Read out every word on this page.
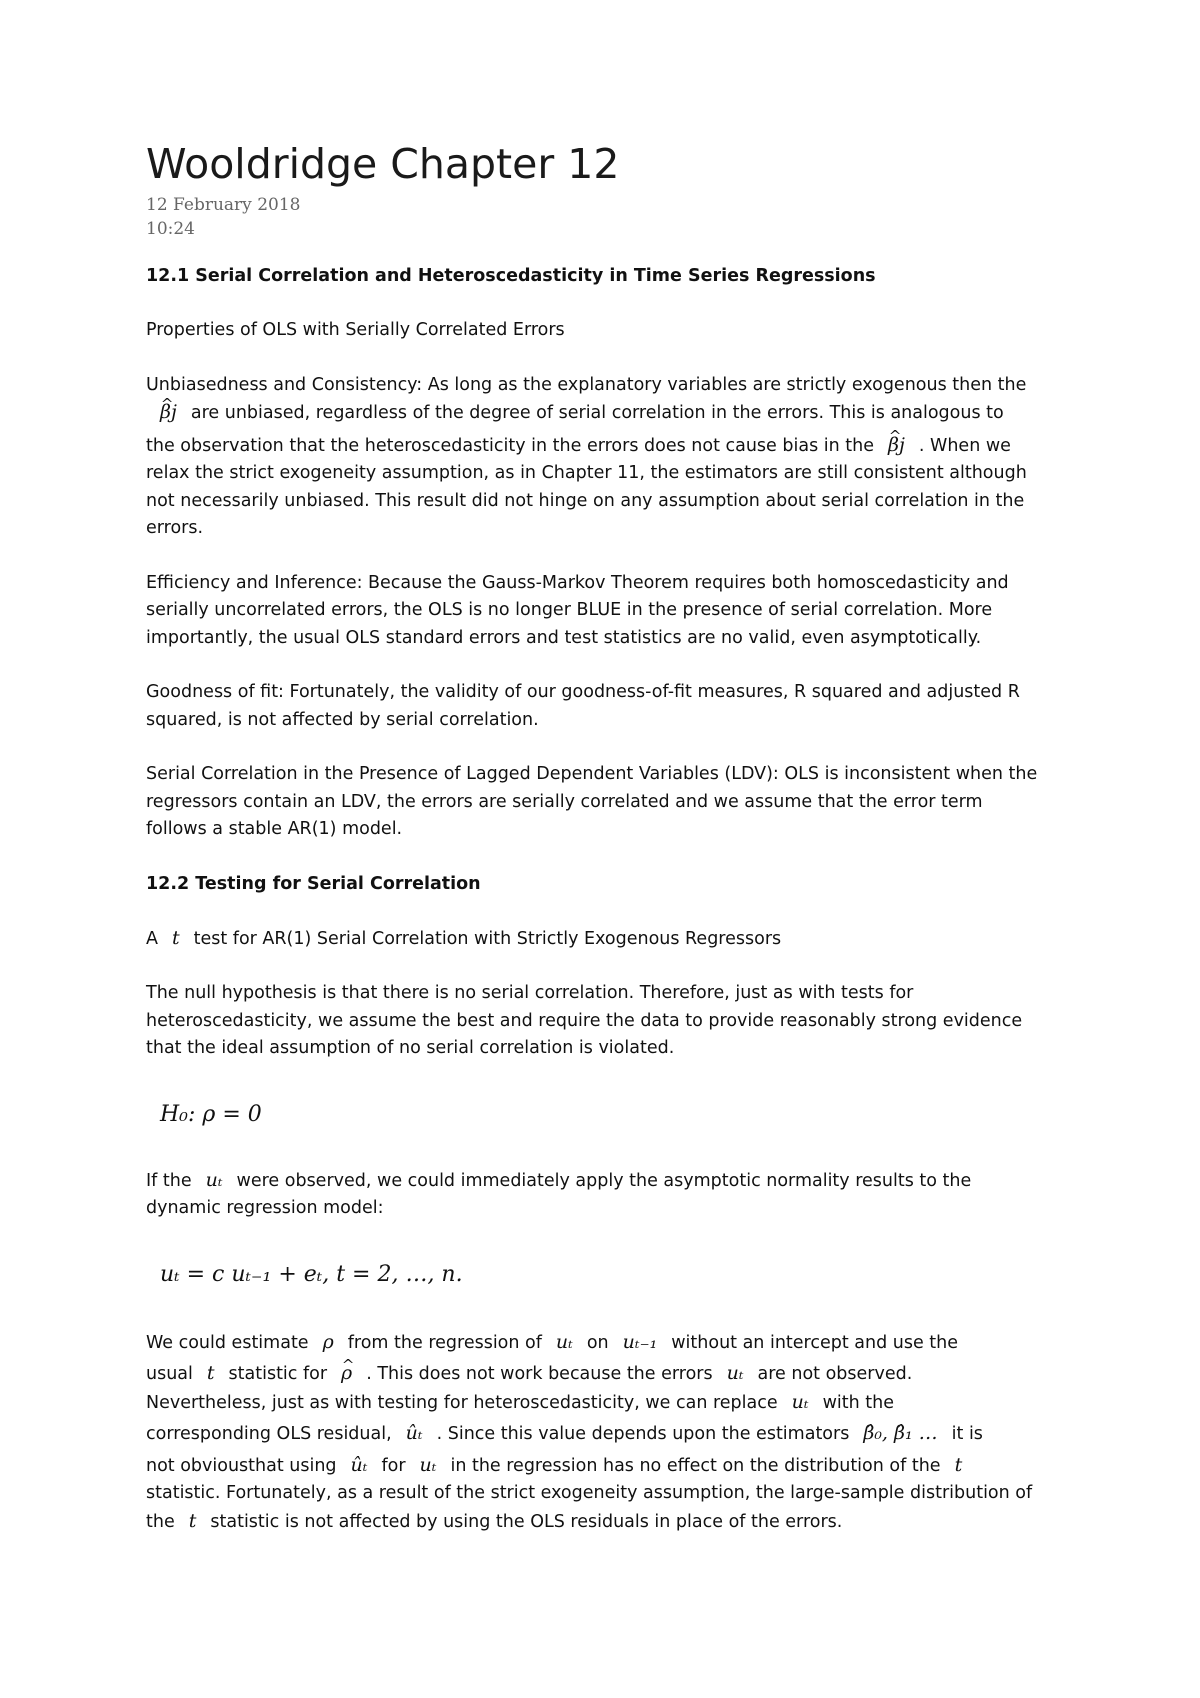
Wooldridge Chapter 12
12 February 2018
10:24

12.1 Serial Correlation and Heteroscedasticity in Time Series Regressions

Properties of OLS with Serially Correlated Errors

Unbiasedness and Consistency: As long as the explanatory variables are strictly exogenous then the

^ βj are unbiased, regardless of the degree of serial correlation in the errors. This is analogous to

the observation that the heteroscedasticity in the errors does not cause bias in the ^ βj . When we

relax the strict exogeneity assumption, as in Chapter 11, the estimators are still consistent although

not necessarily unbiased. This result did not hinge on any assumption about serial correlation in the

errors.

Efficiency and Inference: Because the Gauss-Markov Theorem requires both homoscedasticity and

serially uncorrelated errors, the OLS is no longer BLUE in the presence of serial correlation. More

importantly, the usual OLS standard errors and test statistics are no valid, even asymptotically.

Goodness of fit: Fortunately, the validity of our goodness-of-fit measures, R squared and adjusted R

squared, is not affected by serial correlation.

Serial Correlation in the Presence of Lagged Dependent Variables (LDV): OLS is inconsistent when the

regressors contain an LDV, the errors are serially correlated and we assume that the error term

follows a stable AR(1) model.

12.2 Testing for Serial Correlation

A t test for AR(1) Serial Correlation with Strictly Exogenous Regressors

The null hypothesis is that there is no serial correlation. Therefore, just as with tests for

heteroscedasticity, we assume the best and require the data to provide reasonably strong evidence

that the ideal assumption of no serial correlation is violated.

H₀: ρ = 0

If the uₜ were observed, we could immediately apply the asymptotic normality results to the

dynamic regression model:

uₜ = c uₜ₋₁ + eₜ, t = 2, …, n.

We could estimate ρ from the regression of uₜ on uₜ₋₁ without an intercept and use the

usual t statistic for ^ ρ . This does not work because the errors uₜ are not observed.

Nevertheless, just as with testing for heteroscedasticity, we can replace uₜ with the

corresponding OLS residual, ûₜ . Since this value depends upon the estimators β̂₀, β̂₁ … it is

not obviousthat using ûₜ for uₜ in the regression has no effect on the distribution of the t

statistic. Fortunately, as a result of the strict exogeneity assumption, the large-sample distribution of

the t statistic is not affected by using the OLS residuals in place of the errors.
